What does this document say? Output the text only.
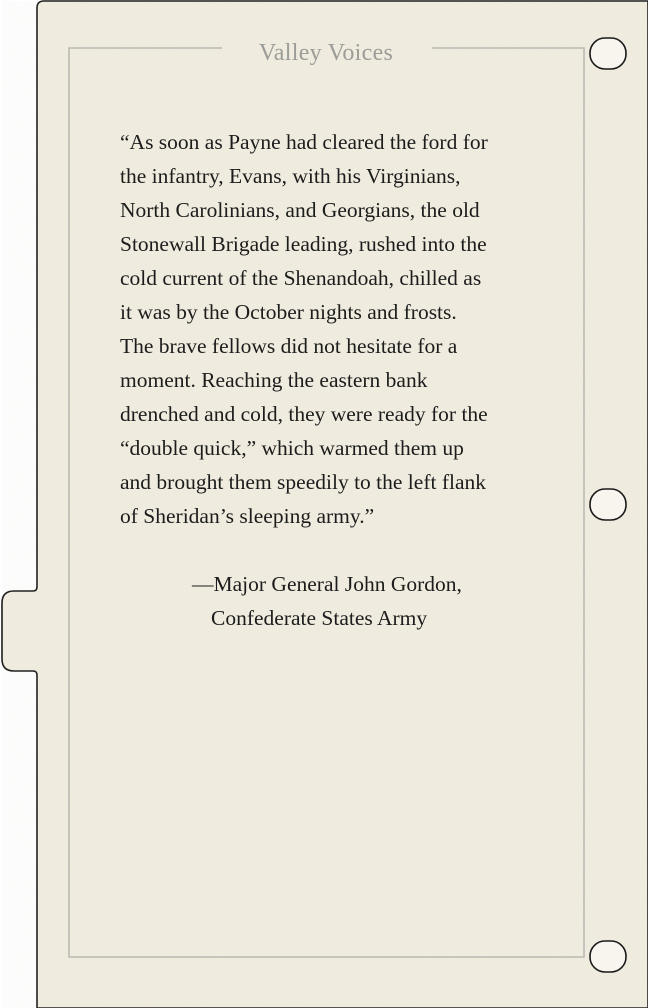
Valley Voices
“As soon as Payne had cleared the ford for
the infantry, Evans, with his Virginians,
North Carolinians, and Georgians, the old
Stonewall Brigade leading, rushed into the
cold current of the Shenandoah, chilled as
it was by the October nights and frosts.
The brave fellows did not hesitate for a
moment. Reaching the eastern bank
drenched and cold, they were ready for the
“double quick,” which warmed them up
and brought them speedily to the left flank
of Sheridan’s sleeping army.”
—Major General John Gordon,
Confederate States Army
